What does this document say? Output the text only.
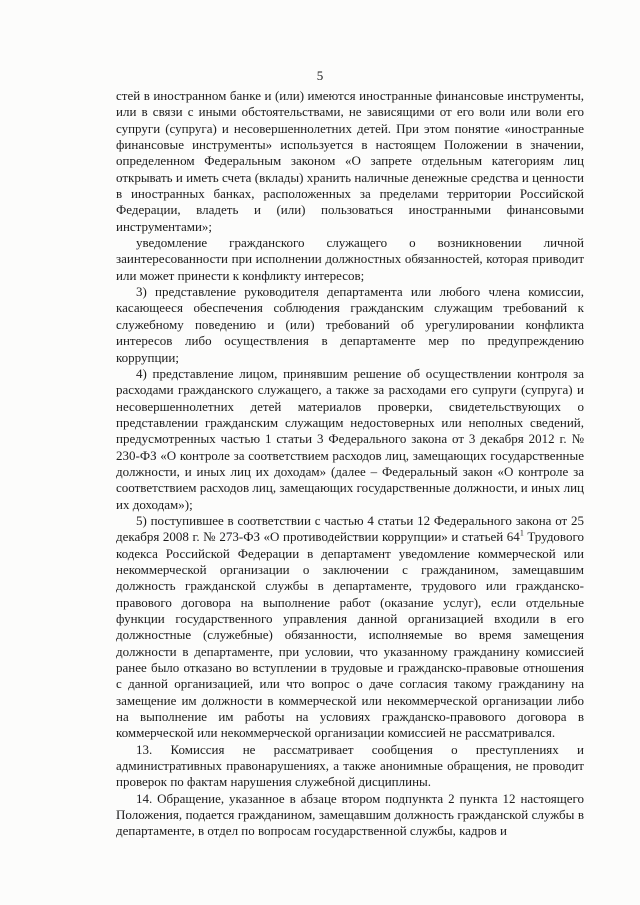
5

стей в иностранном банке и (или) имеются иностранные финансовые инструменты, или в связи с иными обстоятельствами, не зависящими от его воли или воли его супруги (супруга) и несовершеннолетних детей. При этом понятие «иностранные финансовые инструменты» используется в настоящем Положении в значении, определенном Федеральным законом «О запрете отдельным категориям лиц открывать и иметь счета (вклады) хранить наличные денежные средства и ценности в иностранных банках, расположенных за пределами территории Российской Федерации, владеть и (или) пользоваться иностранными финансовыми инструментами»;

уведомление гражданского служащего о возникновении личной заинтересованности при исполнении должностных обязанностей, которая приводит или может принести к конфликту интересов;

3) представление руководителя департамента или любого члена комиссии, касающееся обеспечения соблюдения гражданским служащим требований к служебному поведению и (или) требований об урегулировании конфликта интересов либо осуществления в департаменте мер по предупреждению коррупции;

4) представление лицом, принявшим решение об осуществлении контроля за расходами гражданского служащего, а также за расходами его супруги (супруга) и несовершеннолетних детей материалов проверки, свидетельствующих о представлении гражданским служащим недостоверных или неполных сведений, предусмотренных частью 1 статьи 3 Федерального закона от 3 декабря 2012 г. № 230-ФЗ «О контроле за соответствием расходов лиц, замещающих государственные должности, и иных лиц их доходам» (далее – Федеральный закон «О контроле за соответствием расходов лиц, замещающих государственные должности, и иных лиц их доходам»);

5) поступившее в соответствии с частью 4 статьи 12 Федерального закона от 25 декабря 2008 г. № 273-ФЗ «О противодействии коррупции» и статьей $64^1$ Трудового кодекса Российской Федерации в департамент уведомление коммерческой или некоммерческой организации о заключении с гражданином, замещавшим должность гражданской службы в департаменте, трудового или гражданско-правового договора на выполнение работ (оказание услуг), если отдельные функции государственного управления данной организацией входили в его должностные (служебные) обязанности, исполняемые во время замещения должности в департаменте, при условии, что указанному гражданину комиссией ранее было отказано во вступлении в трудовые и гражданско-правовые отношения с данной организацией, или что вопрос о даче согласия такому гражданину на замещение им должности в коммерческой или некоммерческой организации либо на выполнение им работы на условиях гражданско-правового договора в коммерческой или некоммерческой организации комиссией не рассматривался.

13. Комиссия не рассматривает сообщения о преступлениях и административных правонарушениях, а также анонимные обращения, не проводит проверок по фактам нарушения служебной дисциплины.

14. Обращение, указанное в абзаце втором подпункта 2 пункта 12 настоящего Положения, подается гражданином, замещавшим должность гражданской службы в департаменте, в отдел по вопросам государственной службы, кадров и
